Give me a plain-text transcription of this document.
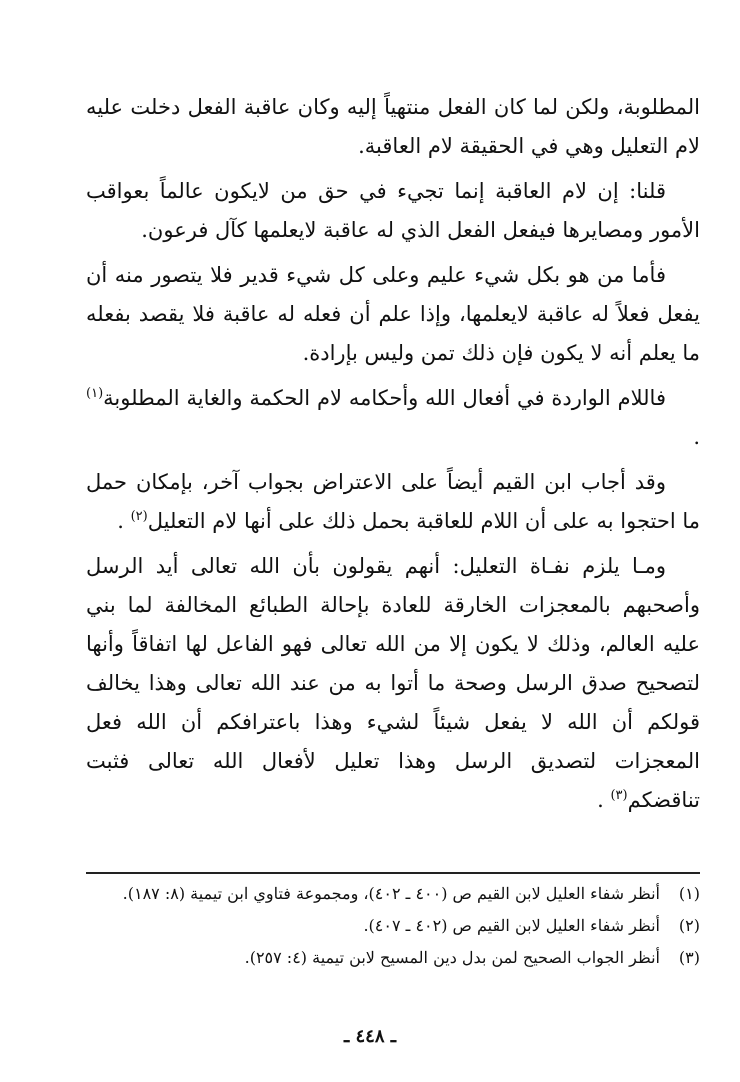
المطلوبة، ولكن لما كان الفعل منتهياً إليه وكان عاقبة الفعل دخلت عليه لام التعليل وهي في الحقيقة لام العاقبة.

قلنا: إن لام العاقبة إنما تجيء في حق من لايكون عالماً بعواقب الأمور ومصايرها فيفعل الفعل الذي له عاقبة لايعلمها كآل فرعون.

فأما من هو بكل شيء عليم وعلى كل شيء قدير فلا يتصور منه أن يفعل فعلاً له عاقبة لايعلمها، وإذا علم أن فعله له عاقبة فلا يقصد بفعله ما يعلم أنه لا يكون فإن ذلك تمن وليس بإرادة.

فاللام الواردة في أفعال الله وأحكامه لام الحكمة والغاية المطلوبة$^{(١)}$ .

وقد أجاب ابن القيم أيضاً على الاعتراض بجواب آخر، بإمكان حمل ما احتجوا به على أن اللام للعاقبة بحمل ذلك على أنها لام التعليل$^{(٢)}$ .

ومـا يلزم نفـاة التعليل: أنهم يقولون بأن الله تعالى أيد الرسل وأصحبهم بالمعجزات الخارقة للعادة بإحالة الطبائع المخالفة لما بني عليه العالم، وذلك لا يكون إلا من الله تعالى فهو الفاعل لها اتفاقاً وأنها لتصحيح صدق الرسل وصحة ما أتوا به من عند الله تعالى وهذا يخالف قولكم أن الله لا يفعل شيئاً لشيء وهذا باعترافكم أن الله فعل المعجزات لتصديق الرسل وهذا تعليل لأفعال الله تعالى فثبت تناقضكم$^{(٣)}$ .

(١)
أنظر شفاء العليل لابن القيم ص (٤٠٠ ـ ٤٠٢)، ومجموعة فتاوي ابن تيمية (٨: ١٨٧).
(٢)
أنظر شفاء العليل لابن القيم ص (٤٠٢ ـ ٤٠٧).
(٣)
أنظر الجواب الصحيح لمن بدل دين المسيح لابن تيمية (٤: ٢٥٧).
ـ ٤٤٨ ـ
